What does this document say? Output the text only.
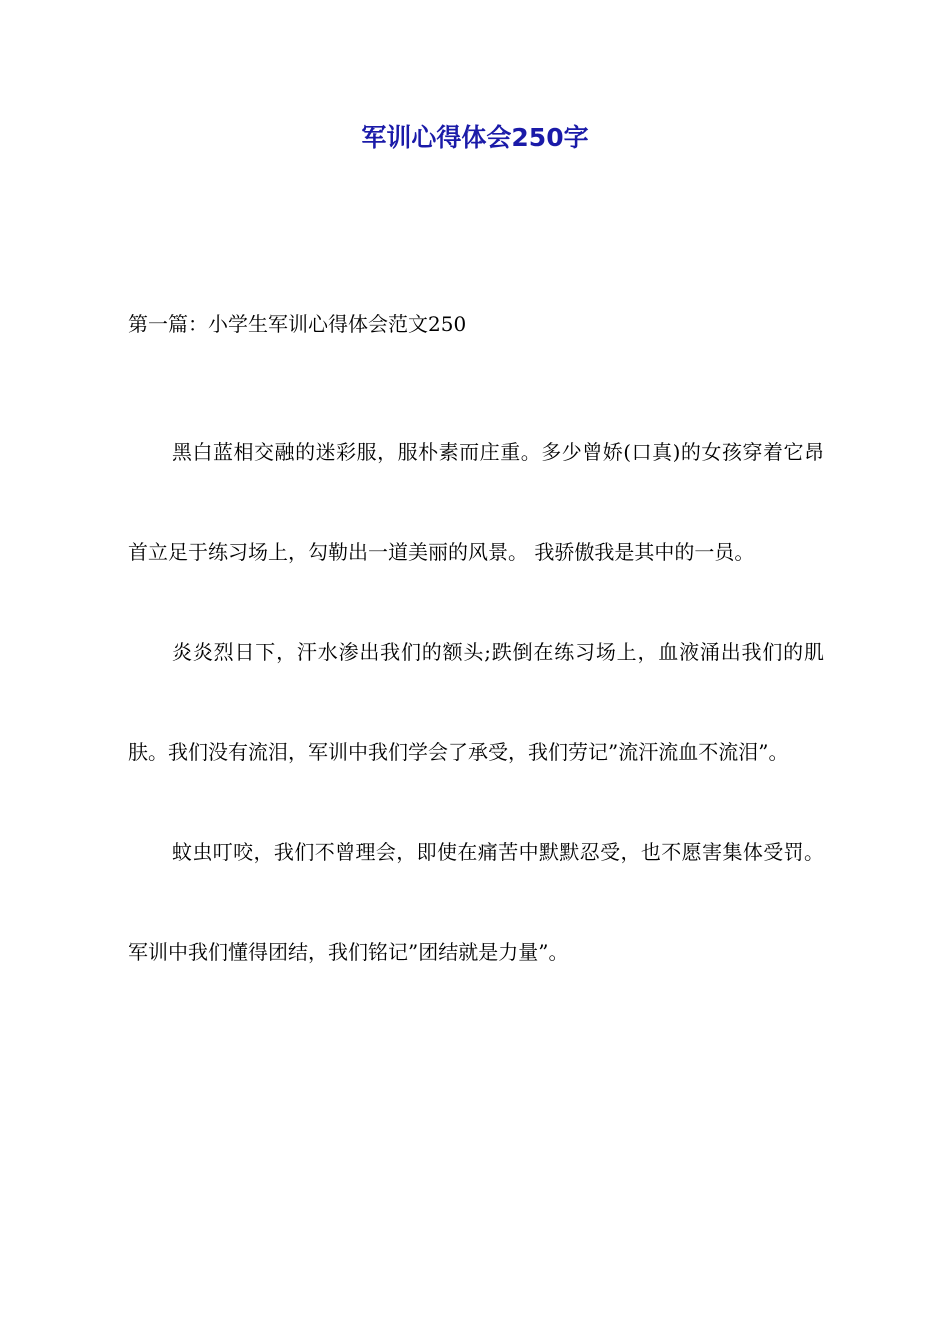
军训心得体会250字
第一篇：小学生军训心得体会范文250

黑白蓝相交融的迷彩服，服朴素而庄重。多少曾娇(口真)的女孩穿着它昂首立足于练习场上，勾勒出一道美丽的风景。 我骄傲我是其中的一员。

炎炎烈日下，汗水渗出我们的额头;跌倒在练习场上，血液涌出我们的肌肤。我们没有流泪，军训中我们学会了承受，我们劳记”流汗流血不流泪”。

蚊虫叮咬，我们不曾理会，即使在痛苦中默默忍受，也不愿害集体受罚。军训中我们懂得团结，我们铭记”团结就是力量”。
